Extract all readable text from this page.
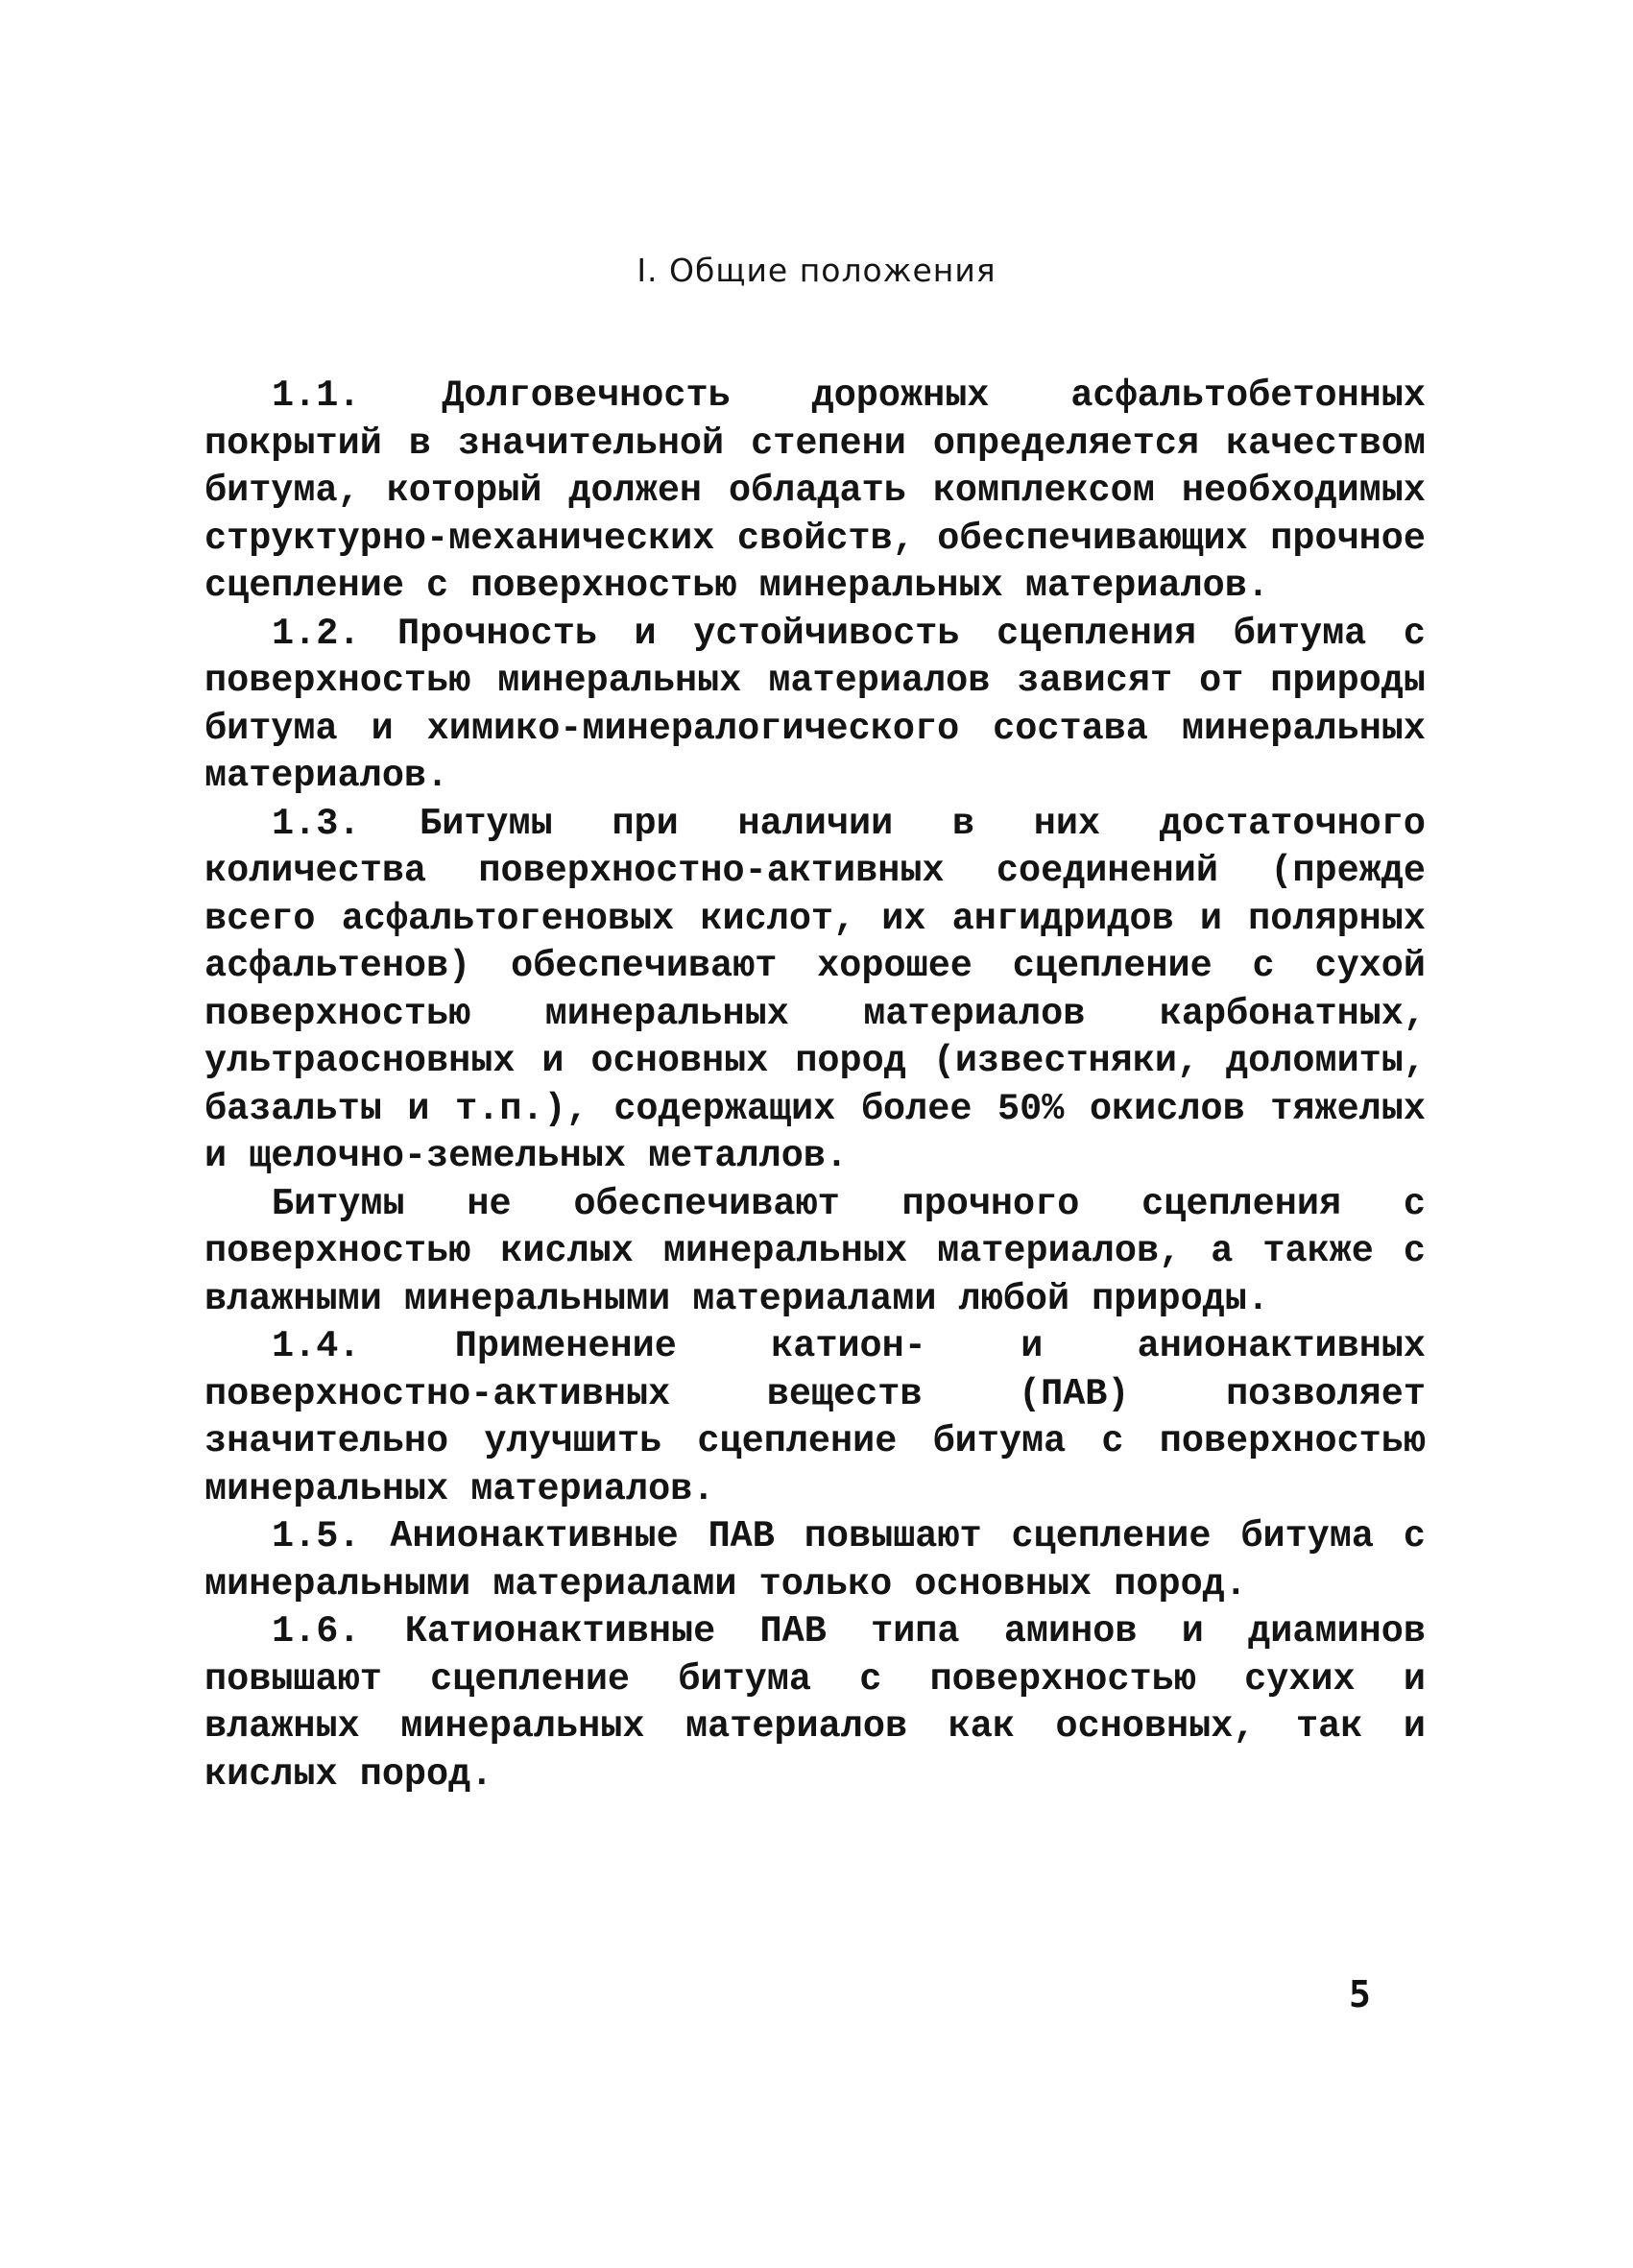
I. Общие положения

1.1. Долговечность дорожных асфальтобетонных покрытий в значительной степени определяется качеством битума, который должен обладать комплексом необходимых структурно-механических свойств, обеспечивающих прочное сцепление с поверхностью минеральных материалов.

1.2. Прочность и устойчивость сцепления битума с поверхностью минеральных материалов зависят от природы битума и химико-минералогического состава минеральных материалов.

1.3. Битумы при наличии в них достаточного количества поверхностно-активных соединений (прежде всего асфальтогеновых кислот, их ангидридов и полярных асфальтенов) обеспечивают хорошее сцепление с сухой поверхностью минеральных материалов карбонатных, ультраосновных и основных пород (известняки, доломиты, базальты и т.п.), содержащих более 50% окислов тяжелых и щелочно-земельных металлов.

Битумы не обеспечивают прочного сцепления с поверхностью кислых минеральных материалов, а также с влажными минеральными материалами любой природы.

1.4. Применение катион- и анионактивных поверхностно-активных веществ (ПАВ) позволяет значительно улучшить сцепление битума с поверхностью минеральных материалов.

1.5. Анионактивные ПАВ повышают сцепление битума с минеральными материалами только основных пород.

1.6. Катионактивные ПАВ типа аминов и диаминов повышают сцепление битума с поверхностью сухих и влажных минеральных материалов как основных, так и кислых пород.

5
